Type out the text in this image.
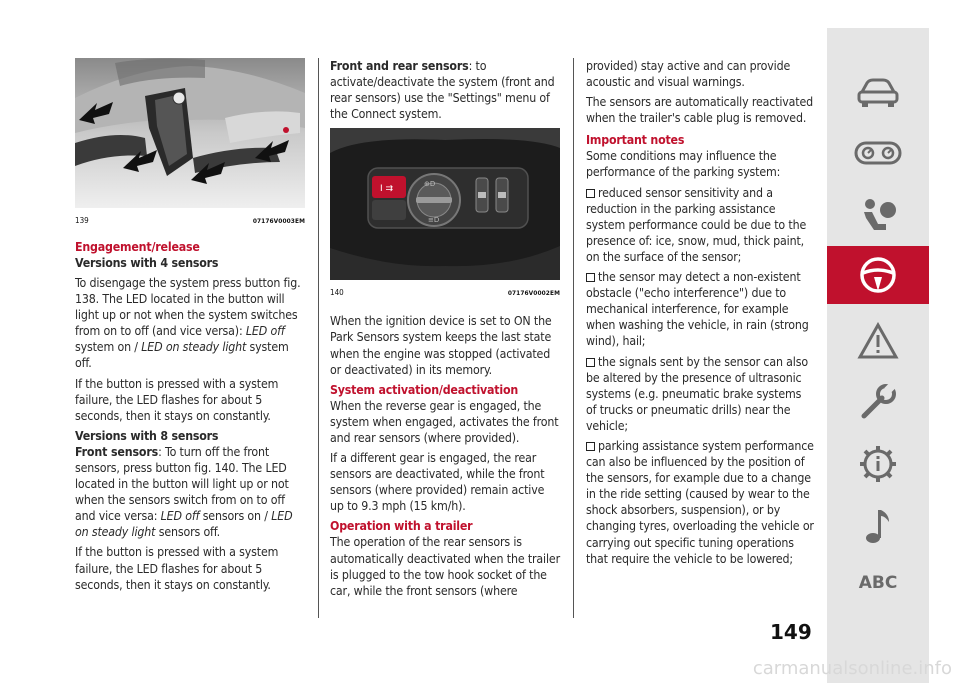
139	07176V0003EM
Engagement/release
Versions with 4 sensors
To disengage the system press button fig. 138. The LED located in the button will light up or not when the system switches from on to off (and vice versa): LED off system on / LED on steady light system off.
If the button is pressed with a system failure, the LED flashes for about 5 seconds, then it stays on constantly.
Versions with 8 sensors
Front sensors: To turn off the front sensors, press button fig. 140. The LED located in the button will light up or not when the sensors switch from on to off and vice versa: LED off sensors on / LED on steady light sensors off.
If the button is pressed with a system failure, the LED flashes for about 5 seconds, then it stays on constantly.
Front and rear sensors: to activate/deactivate the system (front and rear sensors) use the "Settings" menu of the Connect system.
I ⇉	⊕D
≡D
140	07176V0002EM
When the ignition device is set to ON the Park Sensors system keeps the last state when the engine was stopped (activated or deactivated) in its memory.
System activation/deactivation
When the reverse gear is engaged, the system when engaged, activates the front and rear sensors (where provided).
If a different gear is engaged, the rear sensors are deactivated, while the front sensors (where provided) remain active up to 9.3 mph (15 km/h).
Operation with a trailer
The operation of the rear sensors is automatically deactivated when the trailer is plugged to the tow hook socket of the car, while the front sensors (where
provided) stay active and can provide acoustic and visual warnings.
The sensors are automatically reactivated when the trailer's cable plug is removed.
Important notes
Some conditions may influence the performance of the parking system:
reduced sensor sensitivity and a reduction in the parking assistance system performance could be due to the presence of: ice, snow, mud, thick paint, on the surface of the sensor;
the sensor may detect a non-existent obstacle ("echo interference") due to mechanical interference, for example when washing the vehicle, in rain (strong wind), hail;
the signals sent by the sensor can also be altered by the presence of ultrasonic systems (e.g. pneumatic brake systems of trucks or pneumatic drills) near the vehicle;
parking assistance system performance can also be influenced by the position of the sensors, for example due to a change in the ride setting (caused by wear to the shock absorbers, suspension), or by changing tyres, overloading the vehicle or carrying out specific tuning operations that require the vehicle to be lowered;
149
ABC
carmanualsonline.info
